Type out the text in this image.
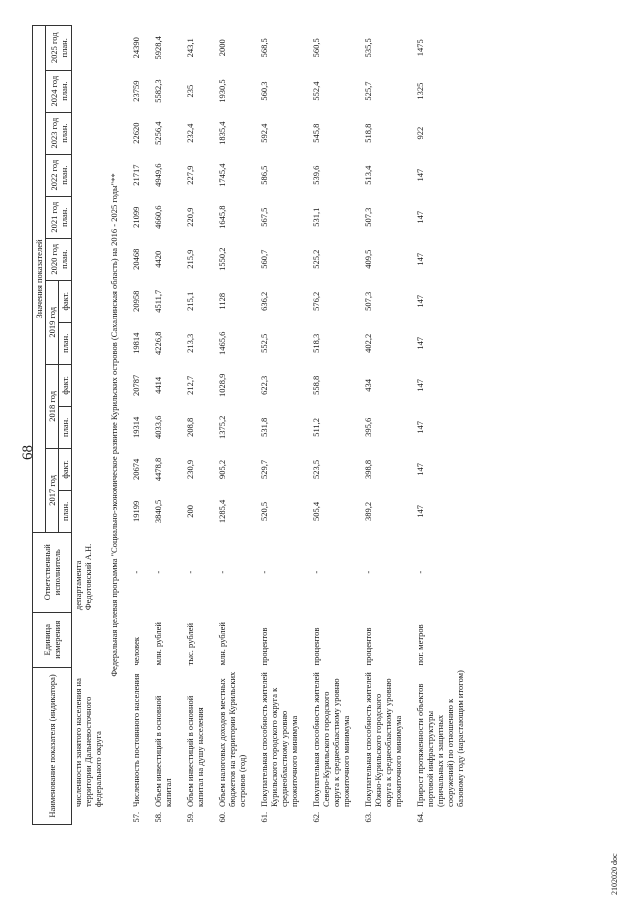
68
Наименование показателя (индикатора)		Единица измерения	Ответственный исполнитель	Значения показателей											
				2017 год		2018 год		2019 год		2020 год план.	2021 год план.	2022 год план.	2023 год план.	2024 год план.	2025 год план.
				план.	факт.	план.	факт.	план.	факт.						
	численности занятого населения на территории Дальневосточного федерального округа		департамента Федотовский А.Н.												
Федеральная целевая программа "Социально-экономическое развитие Курильских островов (Сахалинская область) на 2016 - 2025 годы"**															
57.	Численность постоянного населения	человек	-	19199	20674	19314	20787	19814	20958	20468	21099	21717	22620	23759	24390
58.	Объем инвестиций в основной капитал	млн. рублей	-	3840,5	4478,8	4033,6	4414	4226,8	4511,7	4420	4660,6	4949,6	5256,4	5582,3	5928,4
59.	Объем инвестиций в основной капитал на душу населения	тыс. рублей	-	200	230,9	208,8	212,7	213,3	215,1	215,9	220,9	227,9	232,4	235	243,1
60.	Объем налоговых доходов местных бюджетов на территории Курильских островов (год)	млн. рублей	-	1285,4	905,2	1375,2	1028,9	1465,6	1128	1550,2	1645,8	1745,4	1835,4	1930,5	2000
61.	Покупательная способность жителей Курильского городского округа к среднеобластному уровню прожиточного минимума	процентов	-	520,5	529,7	531,8	622,3	552,5	636,2	560,7	567,5	586,5	592,4	560,3	568,5
62.	Покупательная способность жителей Северо-Курильского городского округа к среднеобластному уровню прожиточного минимума	процентов	-	505,4	523,5	511,2	558,8	518,3	576,2	525,2	531,1	539,6	545,8	552,4	560,5
63.	Покупательная способность жителей Южно-Курильского городского округа к среднеобластному уровню прожиточного минимума	процентов	-	389,2	398,8	395,6	434	402,2	507,3	409,5	507,3	513,4	518,8	525,7	535,5
64.	Прирост протяженности объектов портовой инфраструктуры (причальных и защитных сооружений) по отношению к базовому году (нарастающим итогом)	пог. метров	-	147	147	147	147	147	147	147	147	147	922	1325	1475
2102020 doc
